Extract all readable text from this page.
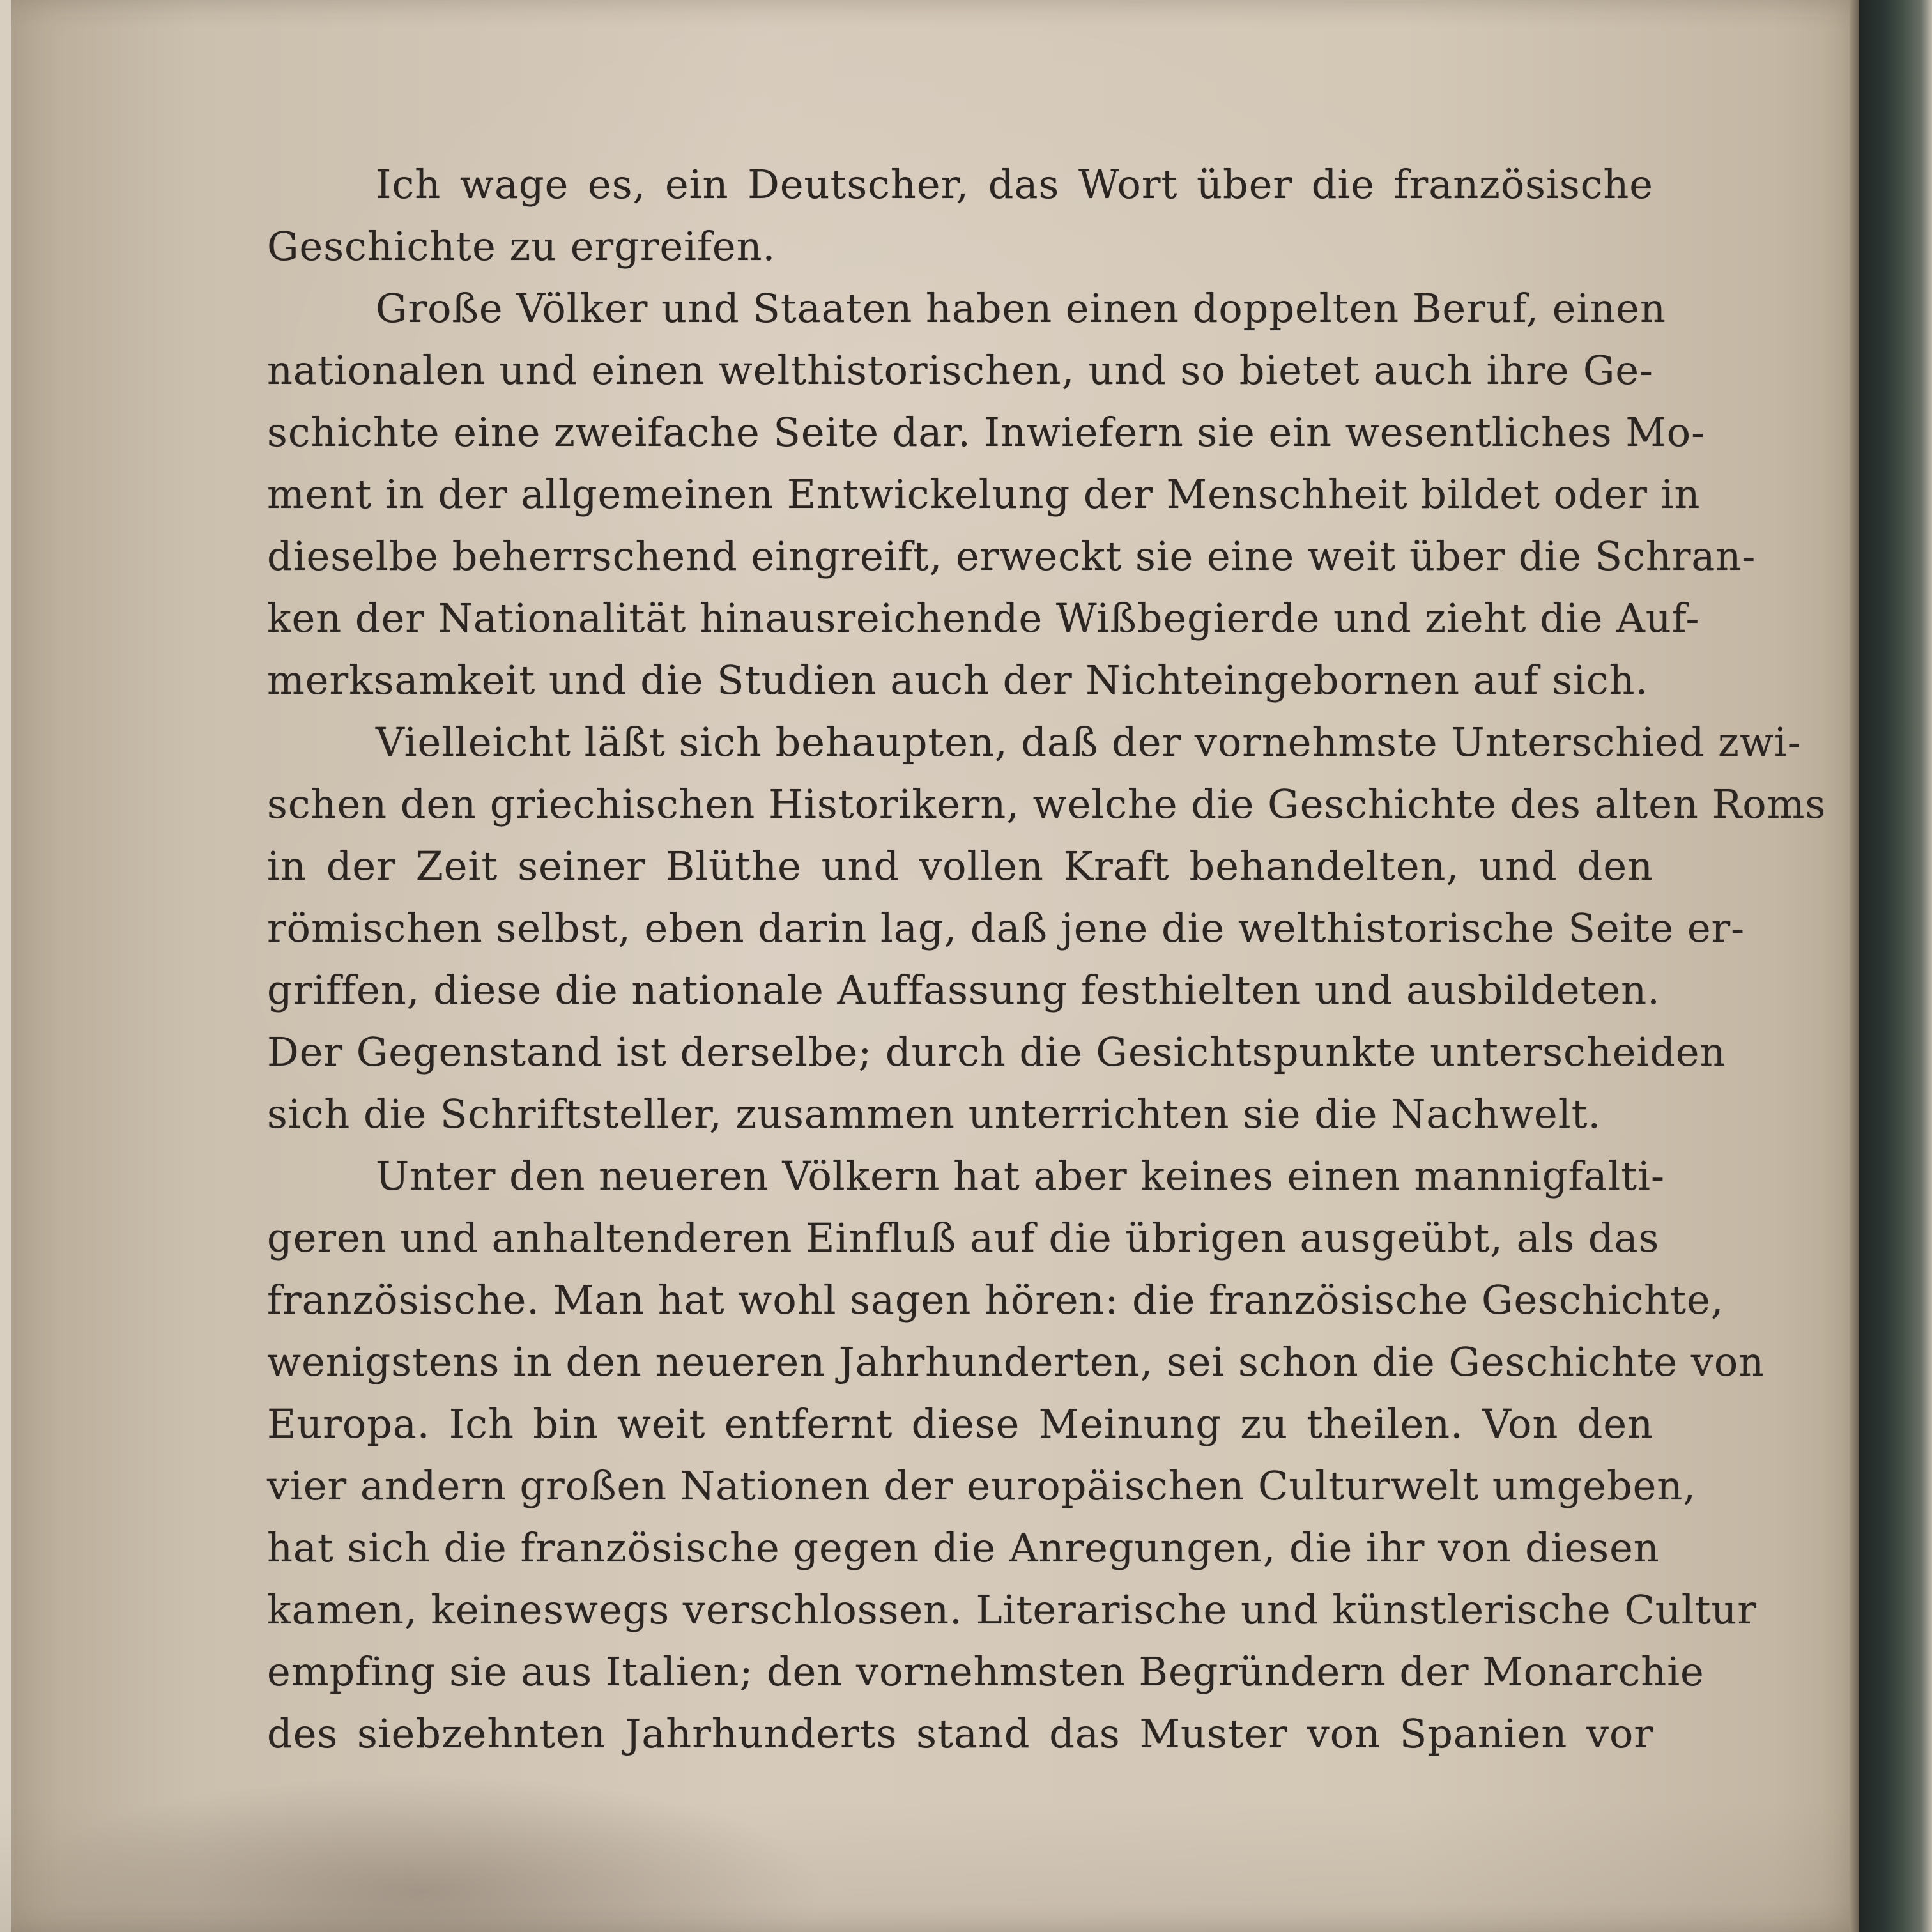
Ich wage es, ein Deutscher, das Wort über die französische
Geschichte zu ergreifen.
Große Völker und Staaten haben einen doppelten Beruf, einen
nationalen und einen welthistorischen, und so bietet auch ihre Ge-
schichte eine zweifache Seite dar. Inwiefern sie ein wesentliches Mo-
ment in der allgemeinen Entwickelung der Menschheit bildet oder in
dieselbe beherrschend eingreift, erweckt sie eine weit über die Schran-
ken der Nationalität hinausreichende Wißbegierde und zieht die Auf-
merksamkeit und die Studien auch der Nichteingebornen auf sich.
Vielleicht läßt sich behaupten, daß der vornehmste Unterschied zwi-
schen den griechischen Historikern, welche die Geschichte des alten Roms
in der Zeit seiner Blüthe und vollen Kraft behandelten, und den
römischen selbst, eben darin lag, daß jene die welthistorische Seite er-
griffen, diese die nationale Auffassung festhielten und ausbildeten.
Der Gegenstand ist derselbe; durch die Gesichtspunkte unterscheiden
sich die Schriftsteller, zusammen unterrichten sie die Nachwelt.
Unter den neueren Völkern hat aber keines einen mannigfalti-
geren und anhaltenderen Einfluß auf die übrigen ausgeübt, als das
französische. Man hat wohl sagen hören: die französische Geschichte,
wenigstens in den neueren Jahrhunderten, sei schon die Geschichte von
Europa. Ich bin weit entfernt diese Meinung zu theilen. Von den
vier andern großen Nationen der europäischen Culturwelt umgeben,
hat sich die französische gegen die Anregungen, die ihr von diesen
kamen, keineswegs verschlossen. Literarische und künstlerische Cultur
empfing sie aus Italien; den vornehmsten Begründern der Monarchie
des siebzehnten Jahrhunderts stand das Muster von Spanien vor
